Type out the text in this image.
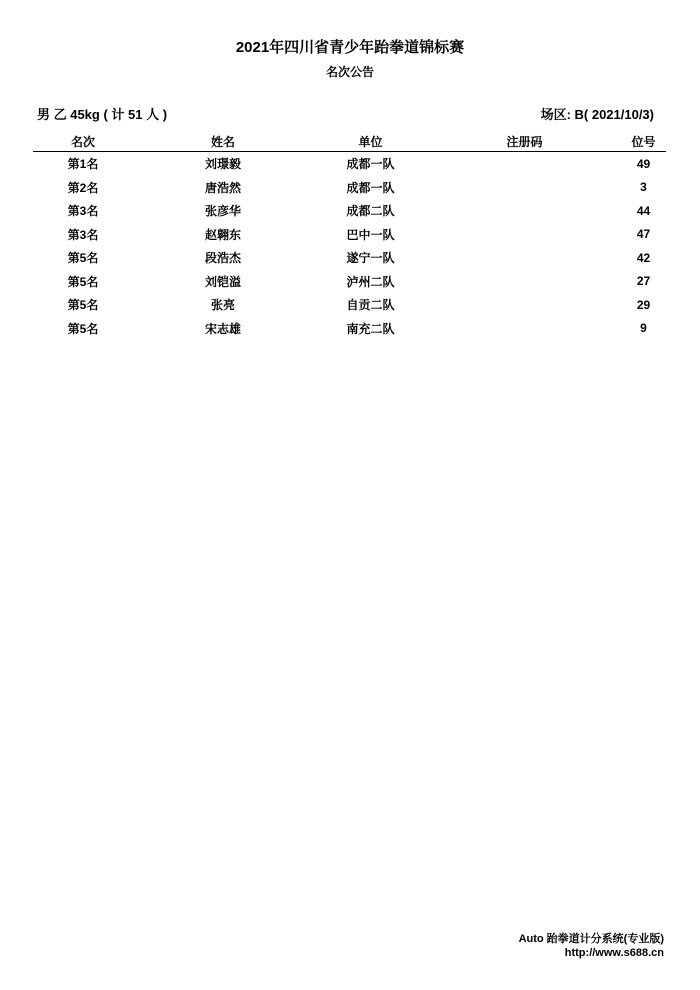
2021年四川省青少年跆拳道锦标赛
名次公告
男 乙 45kg ( 计 51 人 )	场区: B( 2021/10/3)
名次	姓名	单位	注册码	位号
第1名	刘璟毅	成都一队		49
第2名	唐浩然	成都一队		3
第3名	张彦华	成都二队		44
第3名	赵翱东	巴中一队		47
第5名	段浩杰	遂宁一队		42
第5名	刘铠溢	泸州二队		27
第5名	张亮	自贡二队		29
第5名	宋志雄	南充二队		9
Auto 跆拳道计分系统(专业版)
http://www.s688.cn
